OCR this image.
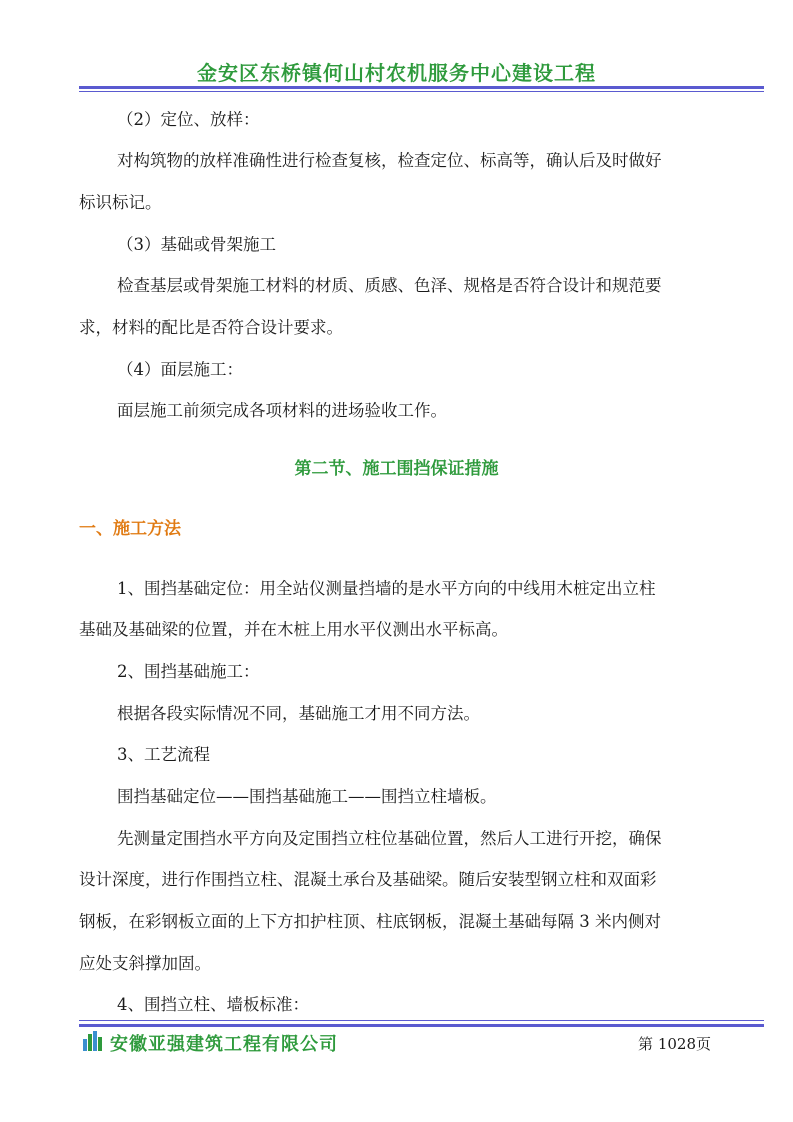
金安区东桥镇何山村农机服务中心建设工程
（2）定位、放样：
对构筑物的放样准确性进行检查复核，检查定位、标高等，确认后及时做好
标识标记。
（3）基础或骨架施工
检查基层或骨架施工材料的材质、质感、色泽、规格是否符合设计和规范要
求，材料的配比是否符合设计要求。
（4）面层施工：
面层施工前须完成各项材料的进场验收工作。
第二节、施工围挡保证措施
一、施工方法
1、围挡基础定位：用全站仪测量挡墙的是水平方向的中线用木桩定出立柱
基础及基础梁的位置，并在木桩上用水平仪测出水平标高。
2、围挡基础施工：
根据各段实际情况不同，基础施工才用不同方法。
3、工艺流程
围挡基础定位——围挡基础施工——围挡立柱墙板。
先测量定围挡水平方向及定围挡立柱位基础位置，然后人工进行开挖，确保
设计深度，进行作围挡立柱、混凝土承台及基础梁。随后安装型钢立柱和双面彩
钢板，在彩钢板立面的上下方扣护柱顶、柱底钢板，混凝土基础每隔 3 米内侧对
应处支斜撑加固。
4、围挡立柱、墙板标准：
安徽亚强建筑工程有限公司	第 1028页
